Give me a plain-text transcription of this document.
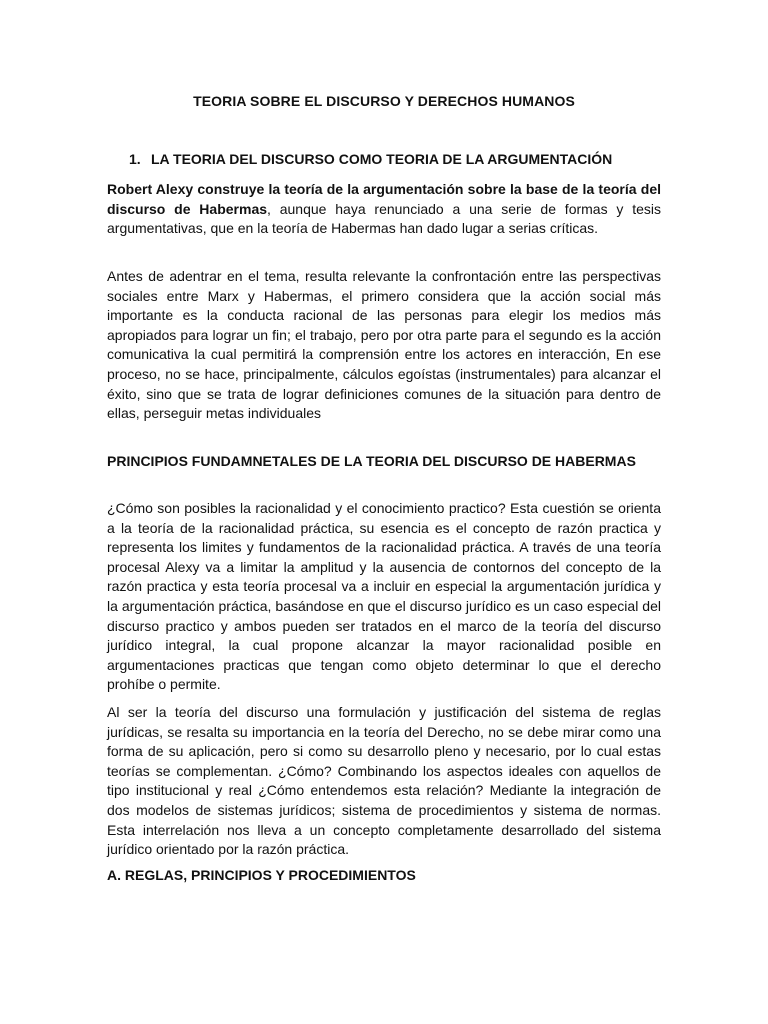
TEORIA SOBRE EL DISCURSO Y DERECHOS HUMANOS
1. LA TEORIA DEL DISCURSO COMO TEORIA DE LA ARGUMENTACIÓN

Robert Alexy construye la teoría de la argumentación sobre la base de la teoría del discurso de Habermas, aunque haya renunciado a una serie de formas y tesis argumentativas, que en la teoría de Habermas han dado lugar a serias críticas.

Antes de adentrar en el tema, resulta relevante la confrontación entre las perspectivas sociales entre Marx y Habermas, el primero considera que la acción social más importante es la conducta racional de las personas para elegir los medios más apropiados para lograr un fin; el trabajo, pero por otra parte para el segundo es la acción comunicativa la cual permitirá la comprensión entre los actores en interacción, En ese proceso, no se hace, principalmente, cálculos egoístas (instrumentales) para alcanzar el éxito, sino que se trata de lograr definiciones comunes de la situación para dentro de ellas, perseguir metas individuales

PRINCIPIOS FUNDAMNETALES DE LA TEORIA DEL DISCURSO DE HABERMAS

¿Cómo son posibles la racionalidad y el conocimiento practico? Esta cuestión se orienta a la teoría de la racionalidad práctica, su esencia es el concepto de razón practica y representa los limites y fundamentos de la racionalidad práctica. A través de una teoría procesal Alexy va a limitar la amplitud y la ausencia de contornos del concepto de la razón practica y esta teoría procesal va a incluir en especial la argumentación jurídica y la argumentación práctica, basándose en que el discurso jurídico es un caso especial del discurso practico y ambos pueden ser tratados en el marco de la teoría del discurso jurídico integral, la cual propone alcanzar la mayor racionalidad posible en argumentaciones practicas que tengan como objeto determinar lo que el derecho prohíbe o permite.

Al ser la teoría del discurso una formulación y justificación del sistema de reglas jurídicas, se resalta su importancia en la teoría del Derecho, no se debe mirar como una forma de su aplicación, pero si como su desarrollo pleno y necesario, por lo cual estas teorías se complementan. ¿Cómo? Combinando los aspectos ideales con aquellos de tipo institucional y real ¿Cómo entendemos esta relación? Mediante la integración de dos modelos de sistemas jurídicos; sistema de procedimientos y sistema de normas. Esta interrelación nos lleva a un concepto completamente desarrollado del sistema jurídico orientado por la razón práctica.

A. REGLAS, PRINCIPIOS Y PROCEDIMIENTOS
